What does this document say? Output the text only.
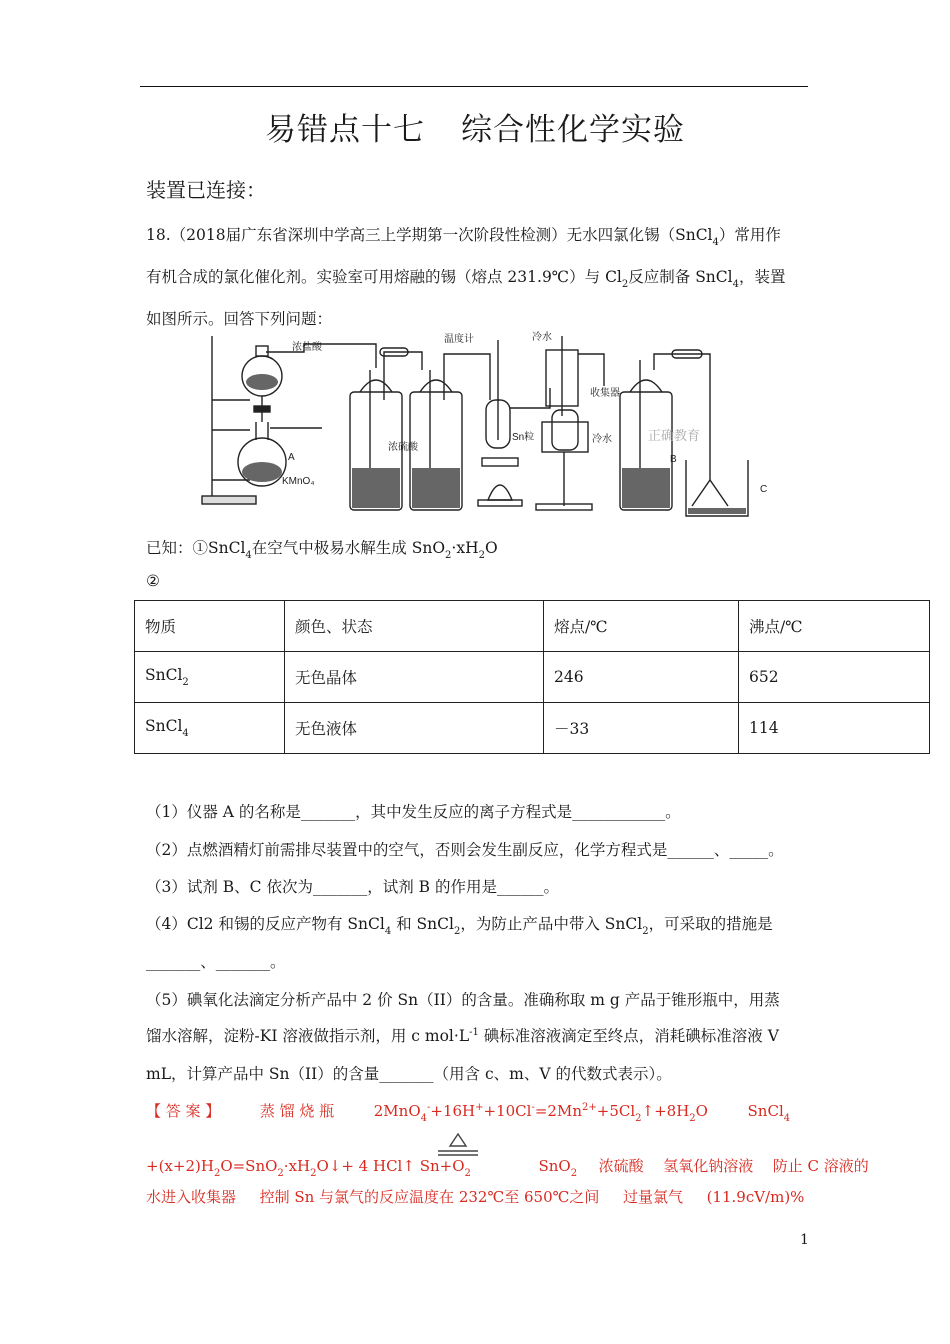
易错点十七 综合性化学实验
装置已连接：
18.（2018届广东省深圳中学高三上学期第一次阶段性检测）无水四氯化锡（SnCl$_4$）常用作
有机合成的氯化催化剂。实验室可用熔融的锡（熔点 231.9℃）与 $Cl_2$反应制备 SnCl$_4$，装置
如图所示。回答下列问题：
浓盐酸
温度计	冷水
浓硫酸
Sn粒
收集器
冷水	正确教育
A
KMnO₄
B
C
已知：①SnCl$_4$在空气中极易水解生成 $SnO_2\cdot xH_2O$
②
物质	颜色、状态	熔点/℃	沸点/℃
SnCl$_2$	无色晶体	246	652
SnCl$_4$	无色液体	－33	114
（1）仪器 A 的名称是_______，其中发生反应的离子方程式是____________。
（2）点燃酒精灯前需排尽装置中的空气，否则会发生副反应，化学方程式是______、_____。
（3）试剂 B、C 依次为_______，试剂 B 的作用是______。
（4）Cl2 和锡的反应产物有 SnCl$_4$ 和 SnCl$_2$，为防止产品中带入 SnCl$_2$，可采取的措施是
_______、_______。
（5）碘氧化法滴定分析产品中 2 价 Sn（II）的含量。准确称取 m g 产品于锥形瓶中，用蒸
馏水溶解，淀粉-KI 溶液做指示剂，用 c $mol\cdot L^{-1}$ 碘标准溶液滴定至终点，消耗碘标准溶液 V
mL，计算产品中 Sn（II）的含量_______（用含 c、m、V 的代数式表示）。
【 答 案 】	蒸 馏 烧 瓶	$2MnO_4^-+16H^++10Cl^-=2Mn^{2+}+5Cl_2↑+8H_2O$	SnCl$_4$
$+(x+2)H_2O=SnO_2\cdot xH_2O↓+ 4$ HCl↑ $Sn+O_2$	SnO$_2$ 浓硫酸 氢氧化钠溶液 防止 C 溶液的
水进入收集器 控制 Sn 与氯气的反应温度在 232℃至 650℃之间 过量氯气 (11.9cV/m)%
1
